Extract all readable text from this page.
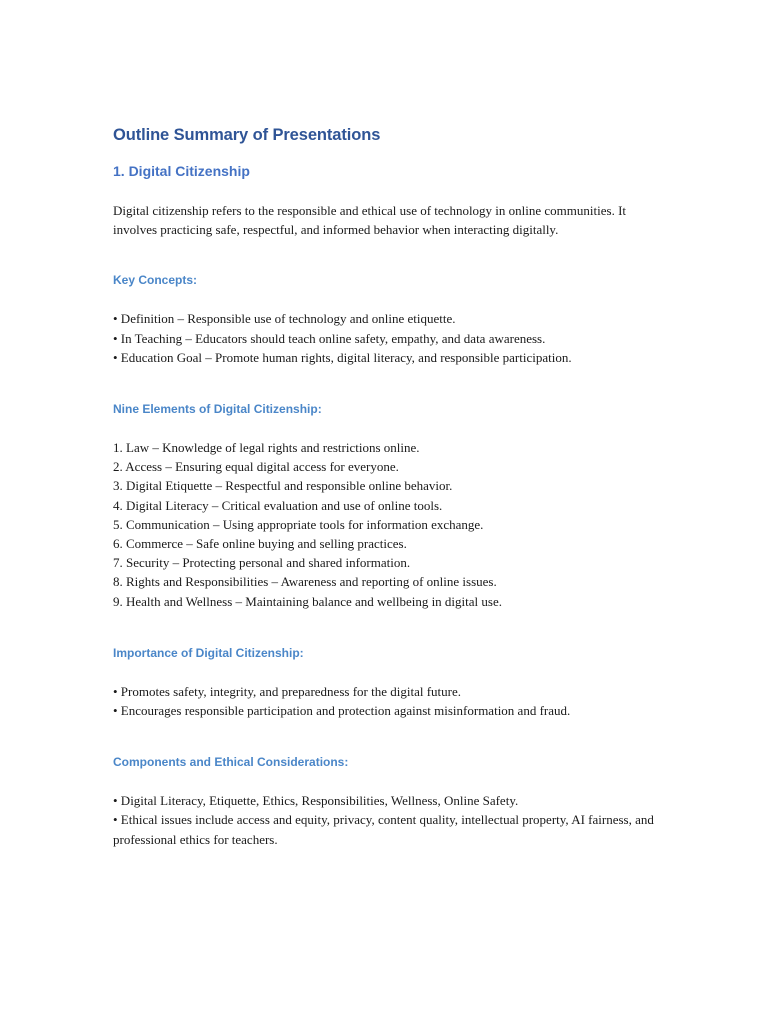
Outline Summary of Presentations
1. Digital Citizenship

Digital citizenship refers to the responsible and ethical use of technology in online communities. It involves practicing safe, respectful, and informed behavior when interacting digitally.

Key Concepts:
• Definition – Responsible use of technology and online etiquette.
• In Teaching – Educators should teach online safety, empathy, and data awareness.
• Education Goal – Promote human rights, digital literacy, and responsible participation.
Nine Elements of Digital Citizenship:
1. Law – Knowledge of legal rights and restrictions online.
2. Access – Ensuring equal digital access for everyone.
3. Digital Etiquette – Respectful and responsible online behavior.
4. Digital Literacy – Critical evaluation and use of online tools.
5. Communication – Using appropriate tools for information exchange.
6. Commerce – Safe online buying and selling practices.
7. Security – Protecting personal and shared information.
8. Rights and Responsibilities – Awareness and reporting of online issues.
9. Health and Wellness – Maintaining balance and wellbeing in digital use.
Importance of Digital Citizenship:
• Promotes safety, integrity, and preparedness for the digital future.
• Encourages responsible participation and protection against misinformation and fraud.
Components and Ethical Considerations:
• Digital Literacy, Etiquette, Ethics, Responsibilities, Wellness, Online Safety.
• Ethical issues include access and equity, privacy, content quality, intellectual property, AI fairness, and professional ethics for teachers.
